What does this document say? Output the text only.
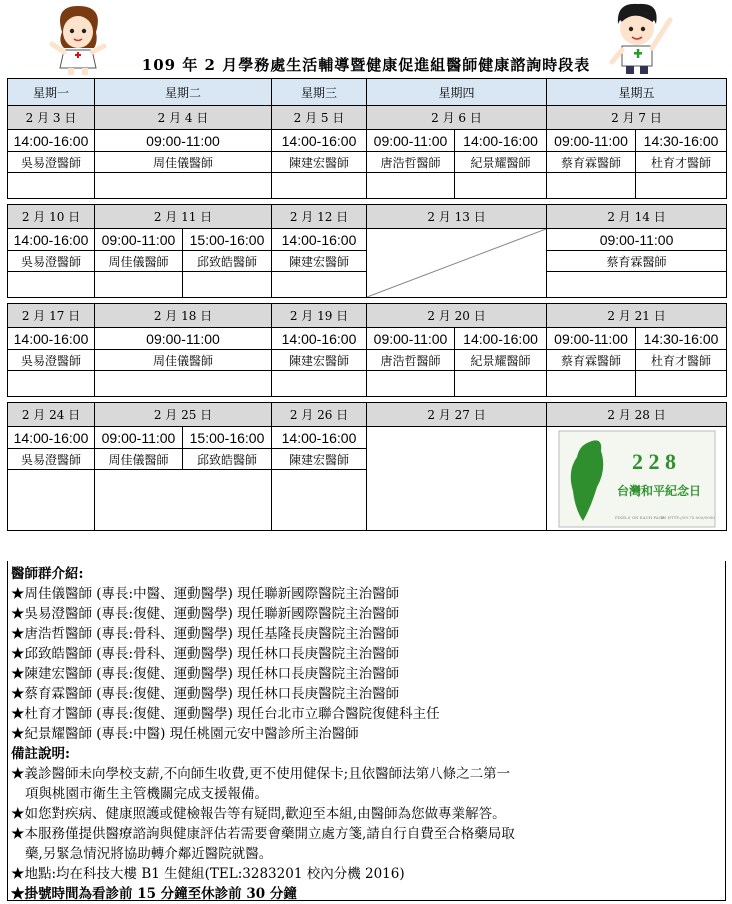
109 年 2 月學務處生活輔導暨健康促進組醫師健康諮詢時段表
星期一	星期二		星期三	星期四		星期五	
2 月 3 日	2 月 4 日		2 月 5 日	2 月 6 日		2 月 7 日	
14:00-16:00	09:00-11:00		14:00-16:00	09:00-11:00	14:00-16:00	09:00-11:00	14:30-16:00
吳易澄醫師	周佳儀醫師		陳建宏醫師	唐浩哲醫師	紀景耀醫師	蔡育霖醫師	杜育才醫師

2 月 10 日	2 月 11 日		2 月 12 日	2 月 13 日		2 月 14 日	
14:00-16:00	09:00-11:00	15:00-16:00	14:00-16:00			09:00-11:00	
吳易澄醫師	周佳儀醫師	邱致皓醫師	陳建宏醫師			蔡育霖醫師	

2 月 17 日	2 月 18 日		2 月 19 日	2 月 20 日		2 月 21 日	
14:00-16:00	09:00-11:00		14:00-16:00	09:00-11:00	14:00-16:00	09:00-11:00	14:30-16:00
吳易澄醫師	周佳儀醫師		陳建宏醫師	唐浩哲醫師	紀景耀醫師	蔡育霖醫師	杜育才醫師

2 月 24 日	2 月 25 日		2 月 26 日	2 月 27 日		2 月 28 日	
14:00-16:00	09:00-11:00	15:00-16:00	14:00-16:00			2 2 8
台灣和平紀念日
PIXELS ON EACH PAGE
IN HTTP://59.70.000/0000	

吳易澄醫師	周佳儀醫師	邱致皓醫師	陳建宏醫師				

醫師群介紹:
★周佳儀醫師 (專長:中醫、運動醫學) 現任聯新國際醫院主治醫師
★吳易澄醫師 (專長:復健、運動醫學) 現任聯新國際醫院主治醫師
★唐浩哲醫師 (專長:骨科、運動醫學) 現任基隆長庚醫院主治醫師
★邱致皓醫師 (專長:骨科、運動醫學) 現任林口長庚醫院主治醫師
★陳建宏醫師 (專長:復健、運動醫學) 現任林口長庚醫院主治醫師
★蔡育霖醫師 (專長:復健、運動醫學) 現任林口長庚醫院主治醫師
★杜育才醫師 (專長:復健、運動醫學) 現任台北市立聯合醫院復健科主任
★紀景耀醫師 (專長:中醫) 現任桃園元安中醫診所主治醫師
備註說明:
★義診醫師未向學校支薪,不向師生收費,更不使用健保卡;且依醫師法第八條之二第一
項與桃園市衛生主管機關完成支援報備。
★如您對疾病、健康照護或健檢報告等有疑問,歡迎至本組,由醫師為您做專業解答。
★本服務僅提供醫療諮詢與健康評估若需要會藥開立處方箋,請自行自費至合格藥局取
藥,另緊急情況將協助轉介鄰近醫院就醫。
★地點:均在科技大樓 B1 生健組(TEL:3283201 校內分機 2016)
★掛號時間為看診前 15 分鐘至休診前 30 分鐘
